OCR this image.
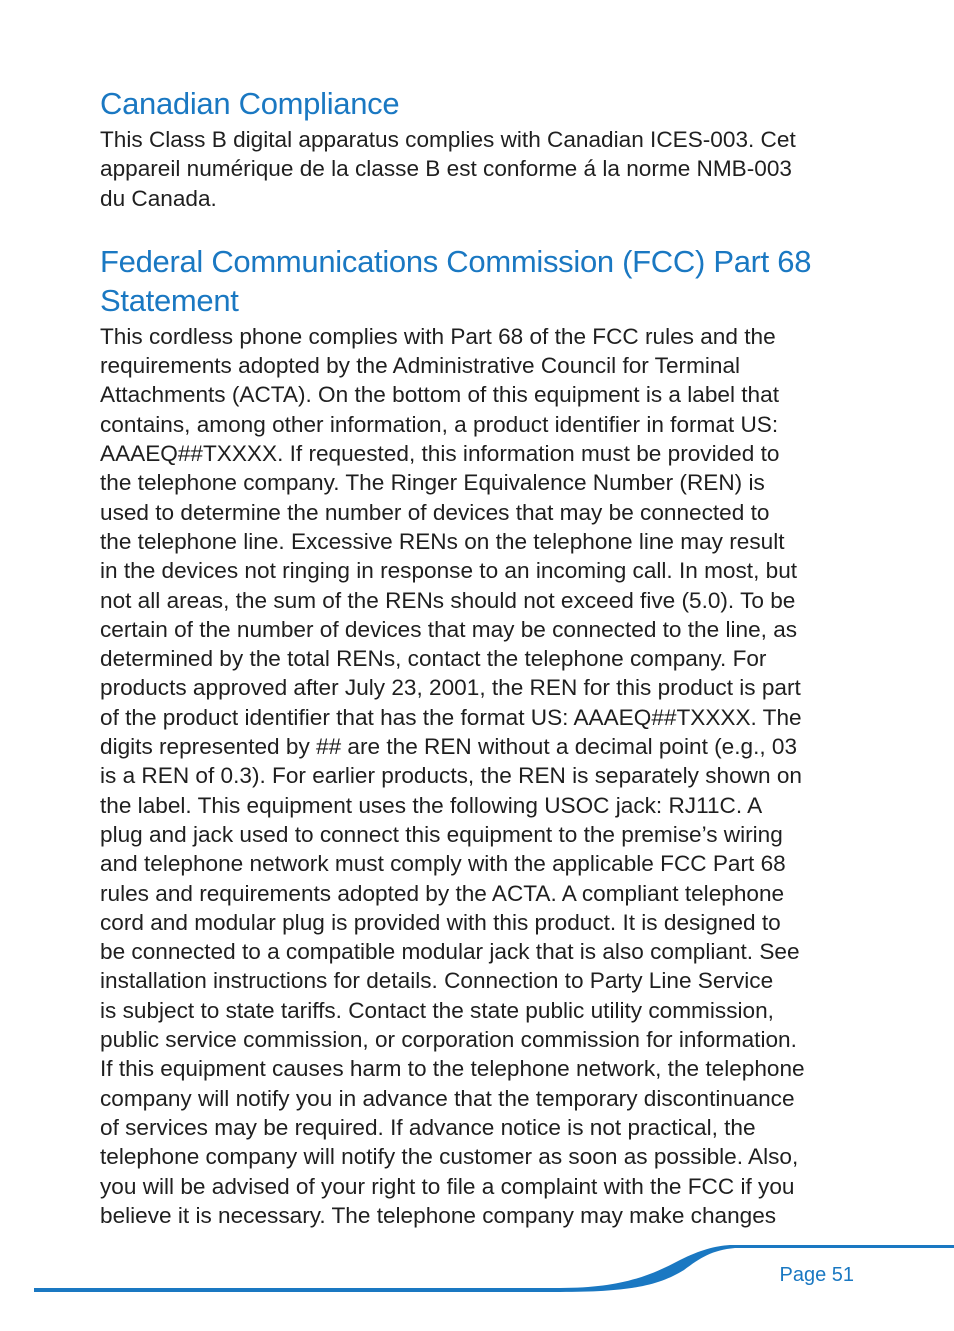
Canadian Compliance

This Class B digital apparatus complies with Canadian ICES-003. Cet
appareil numérique de la classe B est conforme á la norme NMB-003
du Canada.

Federal Communications Commission (FCC) Part 68
Statement

This cordless phone complies with Part 68 of the FCC rules and the
requirements adopted by the Administrative Council for Terminal
Attachments (ACTA). On the bottom of this equipment is a label that
contains, among other information, a product identifier in format US:
AAAEQ##TXXXX. If requested, this information must be provided to
the telephone company. The Ringer Equivalence Number (REN) is
used to determine the number of devices that may be connected to
the telephone line. Excessive RENs on the telephone line may result
in the devices not ringing in response to an incoming call. In most, but
not all areas, the sum of the RENs should not exceed five (5.0). To be
certain of the number of devices that may be connected to the line, as
determined by the total RENs, contact the telephone company. For
products approved after July 23, 2001, the REN for this product is part
of the product identifier that has the format US: AAAEQ##TXXXX. The
digits represented by ## are the REN without a decimal point (e.g., 03
is a REN of 0.3). For earlier products, the REN is separately shown on
the label. This equipment uses the following USOC jack: RJ11C. A
plug and jack used to connect this equipment to the premise’s wiring
and telephone network must comply with the applicable FCC Part 68
rules and requirements adopted by the ACTA. A compliant telephone
cord and modular plug is provided with this product. It is designed to
be connected to a compatible modular jack that is also compliant. See
installation instructions for details. Connection to Party Line Service
is subject to state tariffs. Contact the state public utility commission,
public service commission, or corporation commission for information.
If this equipment causes harm to the telephone network, the telephone
company will notify you in advance that the temporary discontinuance
of services may be required. If advance notice is not practical, the
telephone company will notify the customer as soon as possible. Also,
you will be advised of your right to file a complaint with the FCC if you
believe it is necessary. The telephone company may make changes

Page 51
